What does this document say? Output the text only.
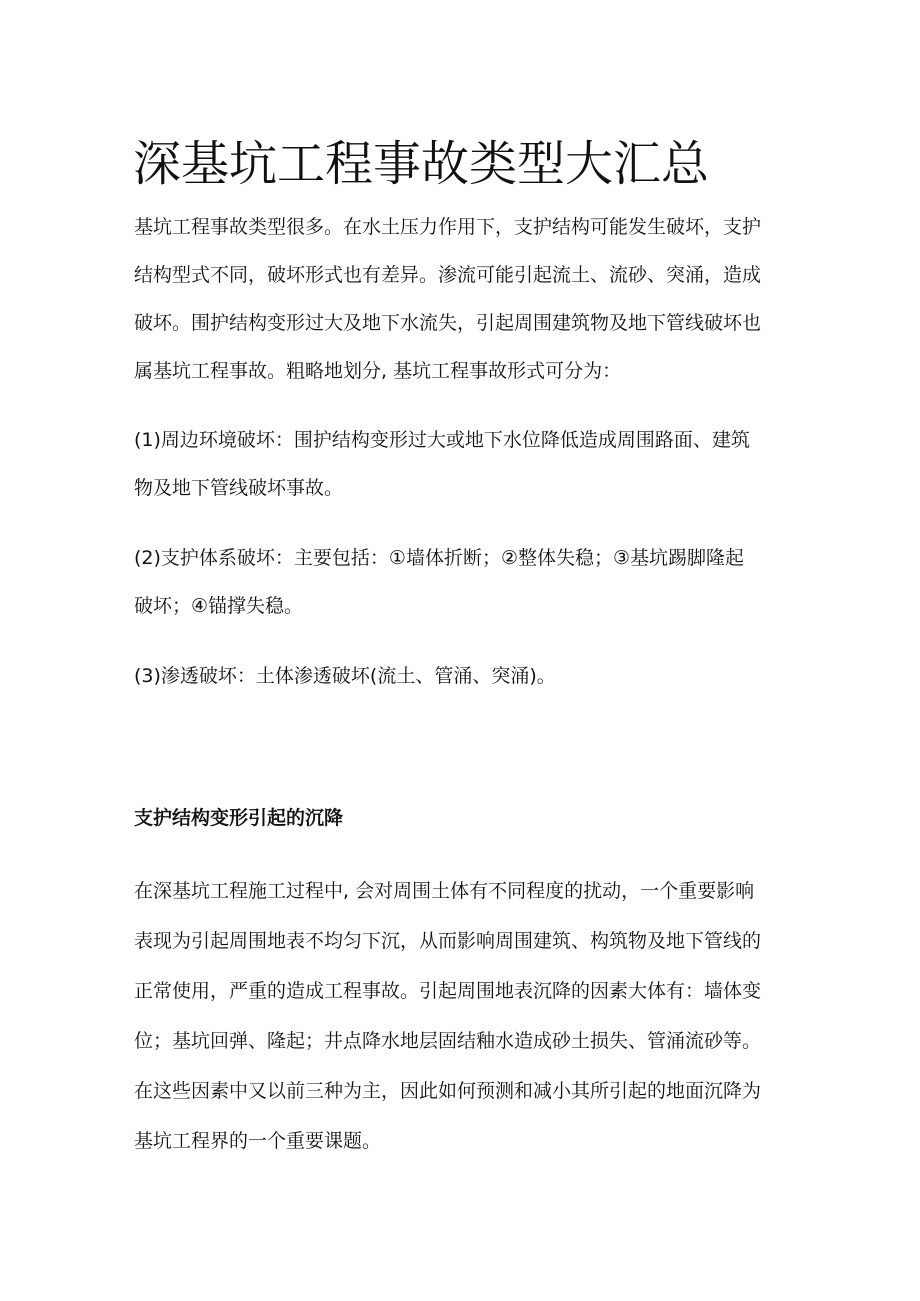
深基坑工程事故类型大汇总

基坑工程事故类型很多。在水土压力作用下，支护结构可能发生破坏，支护
结构型式不同，破坏形式也有差异。渗流可能引起流土、流砂、突涌，造成
破坏。围护结构变形过大及地下水流失，引起周围建筑物及地下管线破坏也
属基坑工程事故。粗略地划分, 基坑工程事故形式可分为：

(1)周边环境破坏：围护结构变形过大或地下水位降低造成周围路面、建筑
物及地下管线破坏事故。

(2)支护体系破坏：主要包括：①墙体折断；②整体失稳；③基坑踢脚隆起
破坏；④锚撑失稳。

(3)渗透破坏：土体渗透破坏(流土、管涌、突涌)。

支护结构变形引起的沉降

在深基坑工程施工过程中, 会对周围土体有不同程度的扰动，一个重要影响
表现为引起周围地表不均匀下沉，从而影响周围建筑、构筑物及地下管线的
正常使用，严重的造成工程事故。引起周围地表沉降的因素大体有：墙体变
位；基坑回弹、隆起；井点降水地层固结釉水造成砂土损失、管涌流砂等。
在这些因素中又以前三种为主，因此如何预测和减小其所引起的地面沉降为
基坑工程界的一个重要课题。
